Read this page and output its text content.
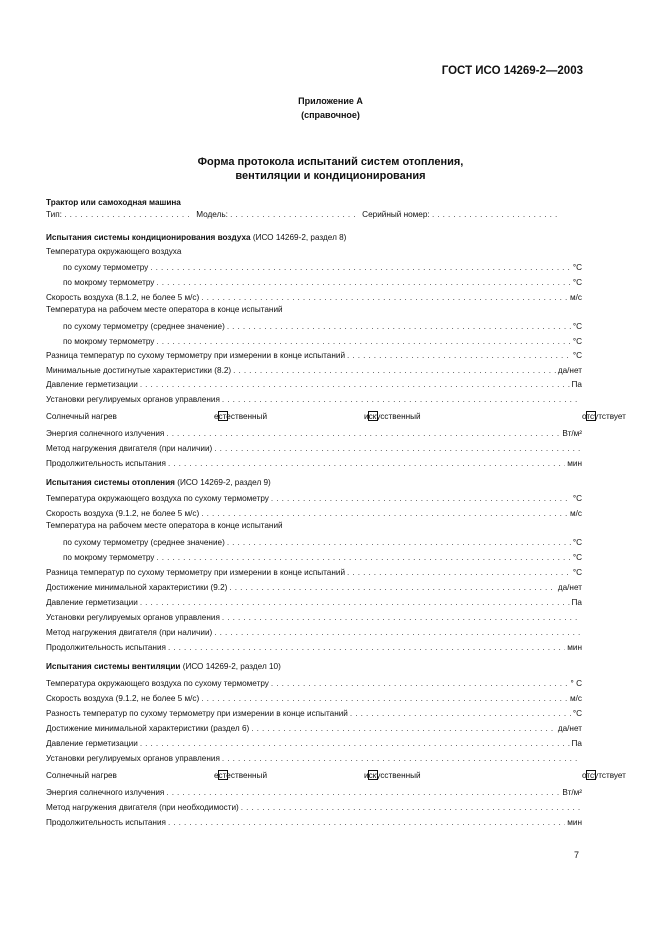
ГОСТ ИСО 14269-2—2003
Приложение А
(справочное)
Форма протокола испытаний систем отопления,
вентиляции и кондиционирования
Трактор или самоходная машина
Тип: . . . . . . . . . . . . . . . . . . . . . . . . Модель: . . . . . . . . . . . . . . . . . . . . . . . . Серийный номер: . . . . . . . . . . . . . . . . . . . . . . . .
Испытания системы кондиционирования воздуха (ИСО 14269-2, раздел 8)
Температура окружающего воздуха
по сухому термометру . . .	°C
по мокрому термометру . . .	°C
Скорость воздуха (8.1.2, не более 5 м/с) . . .	м/с
Температура на рабочем месте оператора в конце испытаний
по сухому термометру (среднее значение) . . .	°C
по мокрому термометру . . .	°C
Разница температур по сухому термометру при измерении в конце испытаний . . .	°C
Минимальные достигнутые характеристики (8.2) . . .	да/нет
Давление герметизации . . .	Па
Установки регулируемых органов управления
. . .
Солнечный нагрев	естественный	искусственный	отсутствует
Энергия солнечного излучения . . .	Вт/м²
Метод нагружения двигателя (при наличии)
. . .
Продолжительность испытания . . .	мин
Испытания системы отопления (ИСО 14269-2, раздел 9)
Температура окружающего воздуха по сухому термометру . . .	°C
Скорость воздуха (9.1.2, не более 5 м/с) . . .	м/с
Температура на рабочем месте оператора в конце испытаний
по сухому термометру (среднее значение) . . .	°C
по мокрому термометру . . .	°C
Разница температур по сухому термометру при измерении в конце испытаний . . .	°C
Достижение минимальной характеристики (9.2) . . .	да/нет
Давление герметизации . . .	Па
Установки регулируемых органов управления
. . .
Метод нагружения двигателя (при наличии)
. . .
Продолжительность испытания . . .	мин
Испытания системы вентиляции (ИСО 14269-2, раздел 10)
Температура окружающего воздуха по сухому термометру . . .	° C
Скорость воздуха (9.1.2, не более 5 м/с) . . .	м/с
Разность температур по сухому термометру при измерении в конце испытаний . . .	°C
Достижение минимальной характеристики (раздел 6) . . .	да/нет
Давление герметизации . . .	Па
Установки регулируемых органов управления
. . .
Солнечный нагрев	естественный	искусственный	отсутствует
Энергия солнечного излучения . . .	Вт/м²
Метод нагружения двигателя (при необходимости)
. . .
Продолжительность испытания . . .	мин
7
